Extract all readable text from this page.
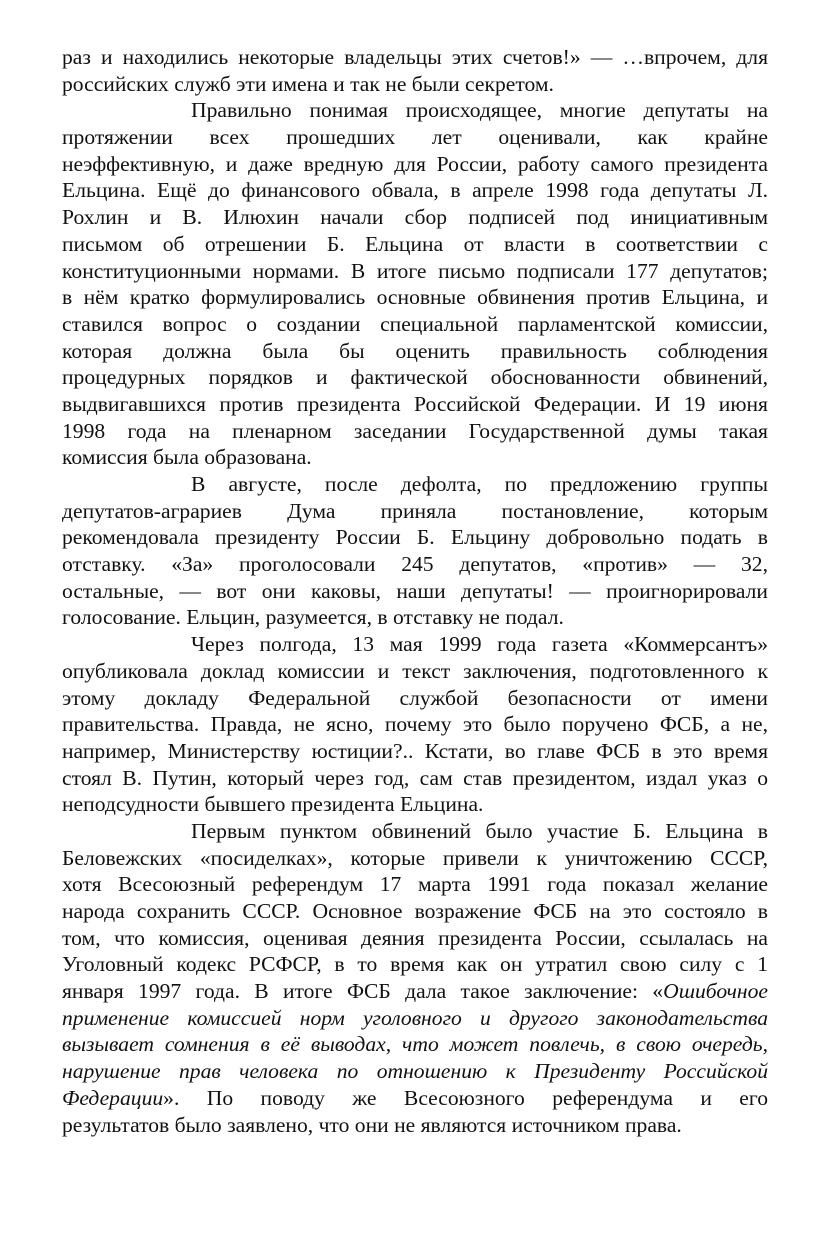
раз и находились некоторые владельцы этих счетов!» — …впрочем, для
российских служб эти имена и так не были секретом.
Правильно понимая происходящее, многие депутаты на
протяжении всех прошедших лет оценивали, как крайне
неэффективную, и даже вредную для России, работу самого президента
Ельцина. Ещё до финансового обвала, в апреле 1998 года депутаты Л.
Рохлин и В. Илюхин начали сбор подписей под инициативным
письмом об отрешении Б. Ельцина от власти в соответствии с
конституционными нормами. В итоге письмо подписали 177 депутатов;
в нём кратко формулировались основные обвинения против Ельцина, и
ставился вопрос о создании специальной парламентской комиссии,
которая должна была бы оценить правильность соблюдения
процедурных порядков и фактической обоснованности обвинений,
выдвигавшихся против президента Российской Федерации. И 19 июня
1998 года на пленарном заседании Государственной думы такая
комиссия была образована.
В августе, после дефолта, по предложению группы
депутатов-аграриев Дума приняла постановление, которым
рекомендовала президенту России Б. Ельцину добровольно подать в
отставку. «За» проголосовали 245 депутатов, «против» — 32,
остальные, — вот они каковы, наши депутаты! — проигнорировали
голосование. Ельцин, разумеется, в отставку не подал.
Через полгода, 13 мая 1999 года газета «Коммерсантъ»
опубликовала доклад комиссии и текст заключения, подготовленного к
этому докладу Федеральной службой безопасности от имени
правительства. Правда, не ясно, почему это было поручено ФСБ, а не,
например, Министерству юстиции?.. Кстати, во главе ФСБ в это время
стоял В. Путин, который через год, сам став президентом, издал указ о
неподсудности бывшего президента Ельцина.
Первым пунктом обвинений было участие Б. Ельцина в
Беловежских «посиделках», которые привели к уничтожению СССР,
хотя Всесоюзный референдум 17 марта 1991 года показал желание
народа сохранить СССР. Основное возражение ФСБ на это состояло в
том, что комиссия, оценивая деяния президента России, ссылалась на
Уголовный кодекс РСФСР, в то время как он утратил свою силу с 1
января 1997 года. В итоге ФСБ дала такое заключение: «Ошибочное
применение комиссией норм уголовного и другого законодательства
вызывает сомнения в её выводах, что может повлечь, в свою очередь,
нарушение прав человека по отношению к Президенту Российской
Федерации». По поводу же Всесоюзного референдума и его
результатов было заявлено, что они не являются источником права.
